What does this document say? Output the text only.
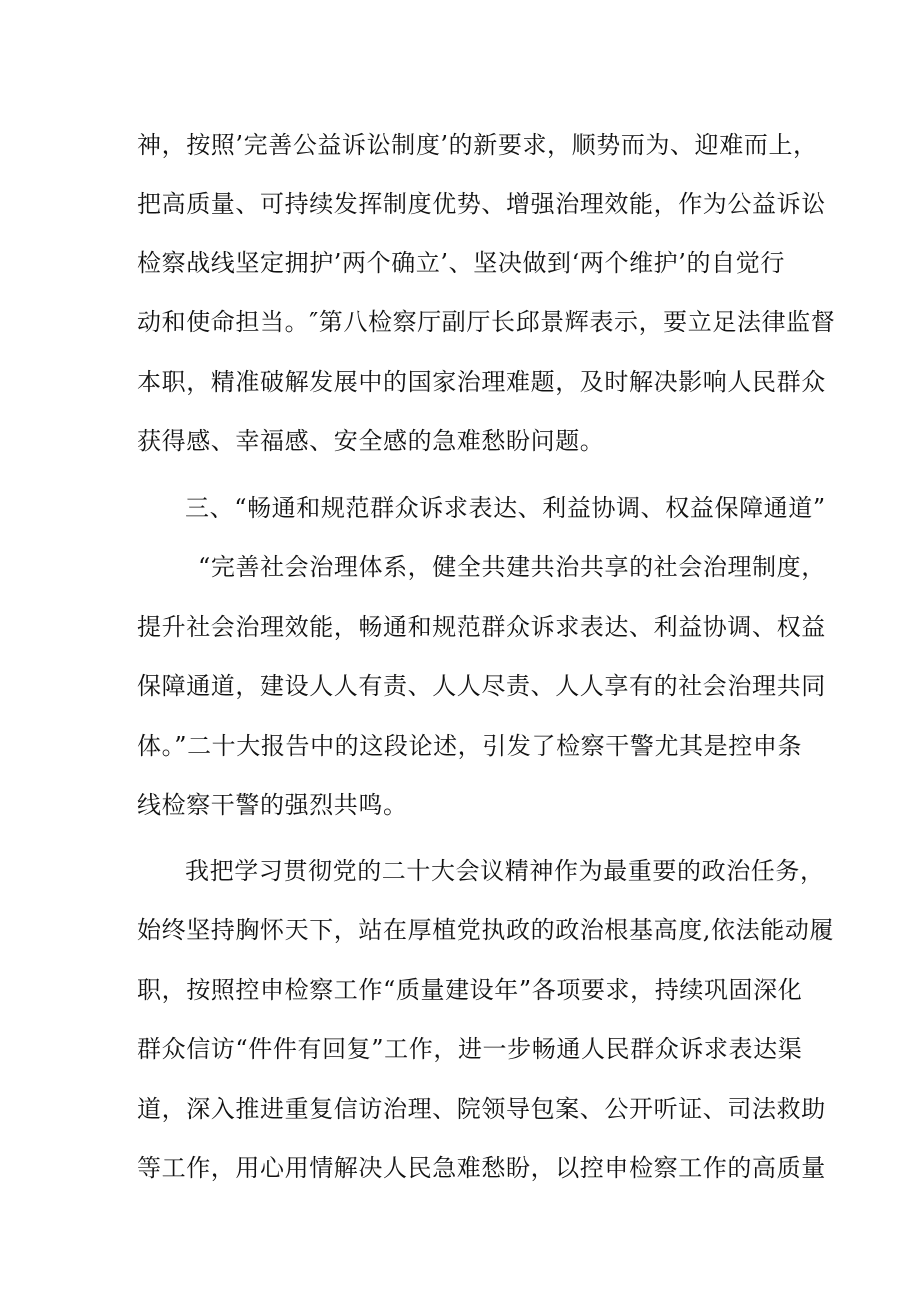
神，按照’完善公益诉讼制度’的新要求，顺势而为、迎难而上，
把高质量、可持续发挥制度优势、增强治理效能，作为公益诉讼
检察战线坚定拥护’两个确立’、坚决做到‘两个维护’的自觉行
动和使命担当。″第八检察厅副厅长邱景辉表示，要立足法律监督
本职，精准破解发展中的国家治理难题，及时解决影响人民群众
获得感、幸福感、安全感的急难愁盼问题。
三、“畅通和规范群众诉求表达、利益协调、权益保障通道”
“完善社会治理体系，健全共建共治共享的社会治理制度，
提升社会治理效能，畅通和规范群众诉求表达、利益协调、权益
保障通道，建设人人有责、人人尽责、人人享有的社会治理共同
体。”二十大报告中的这段论述，引发了检察干警尤其是控申条
线检察干警的强烈共鸣。
我把学习贯彻党的二十大会议精神作为最重要的政治任务，
始终坚持胸怀天下，站在厚植党执政的政治根基高度,依法能动履
职，按照控申检察工作“质量建设年”各项要求，持续巩固深化
群众信访“件件有回复”工作，进一步畅通人民群众诉求表达渠
道，深入推进重复信访治理、院领导包案、公开听证、司法救助
等工作，用心用情解决人民急难愁盼，以控申检察工作的高质量
